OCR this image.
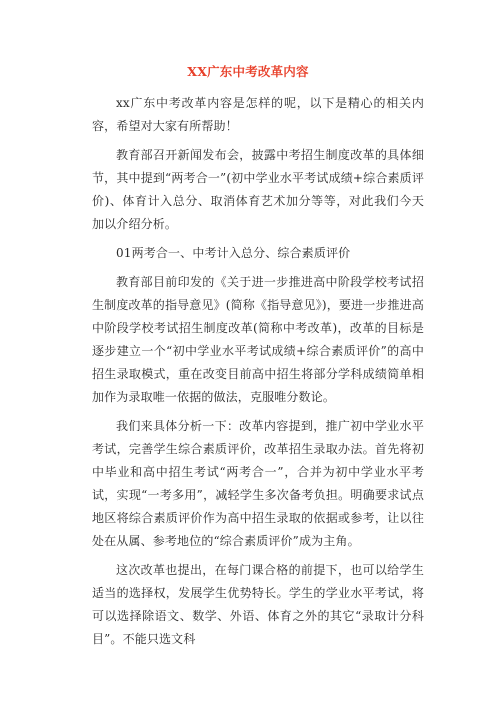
XX广东中考改革内容

xx广东中考改革内容是怎样的呢，以下是精心的相关内容，希望对大家有所帮助！

教育部召开新闻发布会，披露中考招生制度改革的具体细节，其中提到“两考合一”(初中学业水平考试成绩+综合素质评价)、体育计入总分、取消体育艺术加分等等，对此我们今天加以介绍分析。

01两考合一、中考计入总分、综合素质评价

教育部目前印发的《关于进一步推进高中阶段学校考试招生制度改革的指导意见》(简称《指导意见》)，要进一步推进高中阶段学校考试招生制度改革(简称中考改革)，改革的目标是逐步建立一个“初中学业水平考试成绩+综合素质评价”的高中招生录取模式，重在改变目前高中招生将部分学科成绩简单相加作为录取唯一依据的做法，克服唯分数论。

我们来具体分析一下：改革内容提到，推广初中学业水平考试，完善学生综合素质评价，改革招生录取办法。首先将初中毕业和高中招生考试“两考合一”，合并为初中学业水平考试，实现“一考多用”，减轻学生多次备考负担。明确要求试点地区将综合素质评价作为高中招生录取的依据或参考，让以往处在从属、参考地位的“综合素质评价”成为主角。

这次改革也提出，在每门课合格的前提下，也可以给学生适当的选择权，发展学生优势特长。学生的学业水平考试，将可以选择除语文、数学、外语、体育之外的其它“录取计分科目”。不能只选文科
